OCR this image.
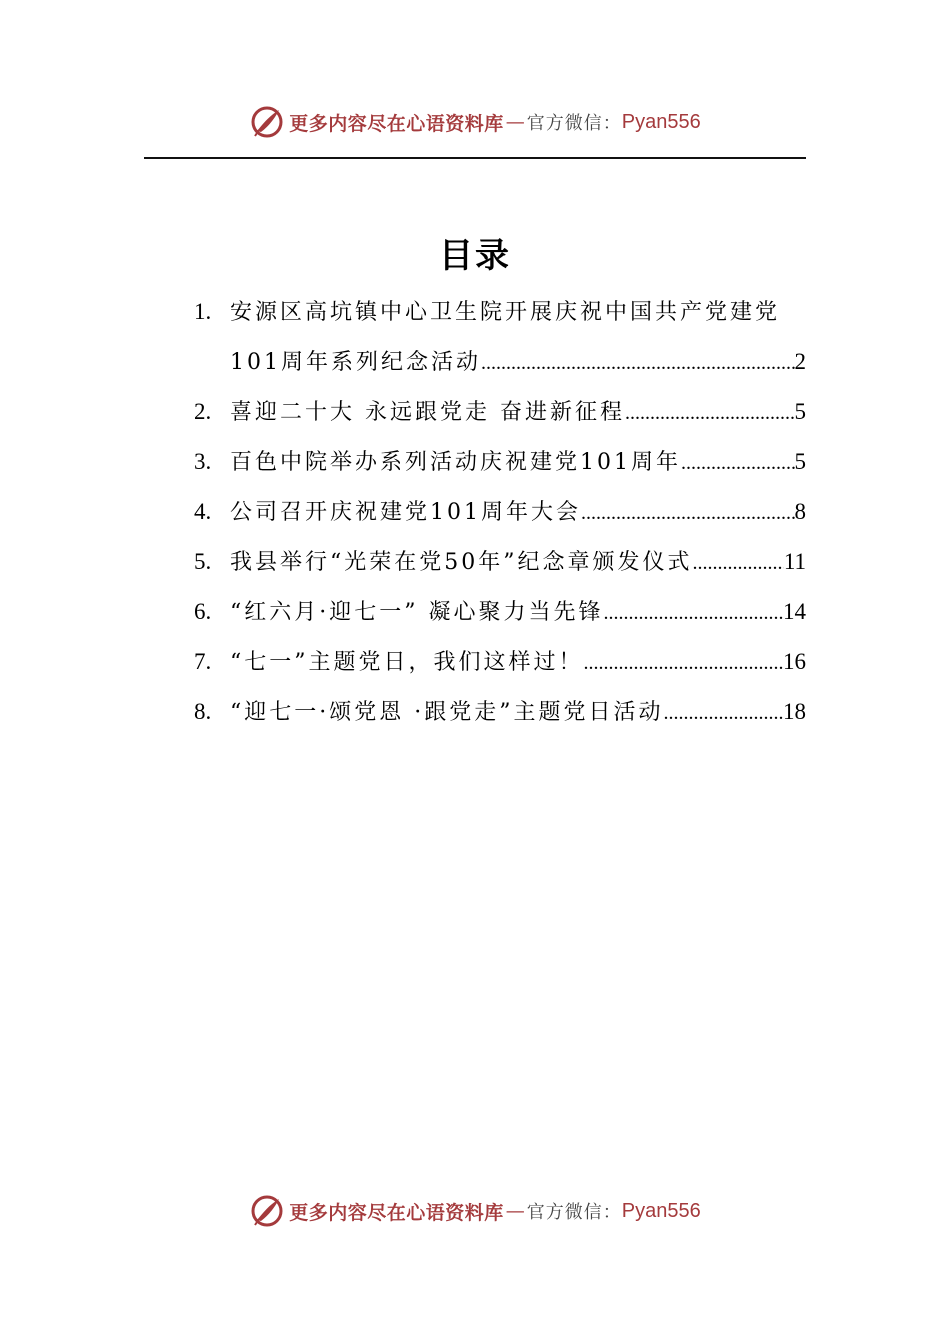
更多内容尽在心语资料库 — 官方微信： Pyan556
目录
1. 安源区高坑镇中心卫生院开展庆祝中国共产党建党
101周年系列纪念活动 .....	2
2. 喜迎二十大 永远跟党走 奋进新征程 .....	5
3. 百色中院举办系列活动庆祝建党101周年 .....	5
4. 公司召开庆祝建党101周年大会 .....	8
5. 我县举行“光荣在党50年”纪念章颁发仪式 .....	11
6. “红六月·迎七一” 凝心聚力当先锋 .....	14
7. “七一”主题党日，我们这样过！ .....	16
8. “迎七一·颂党恩 ·跟党走”主题党日活动 .....	18
更多内容尽在心语资料库 — 官方微信： Pyan556
